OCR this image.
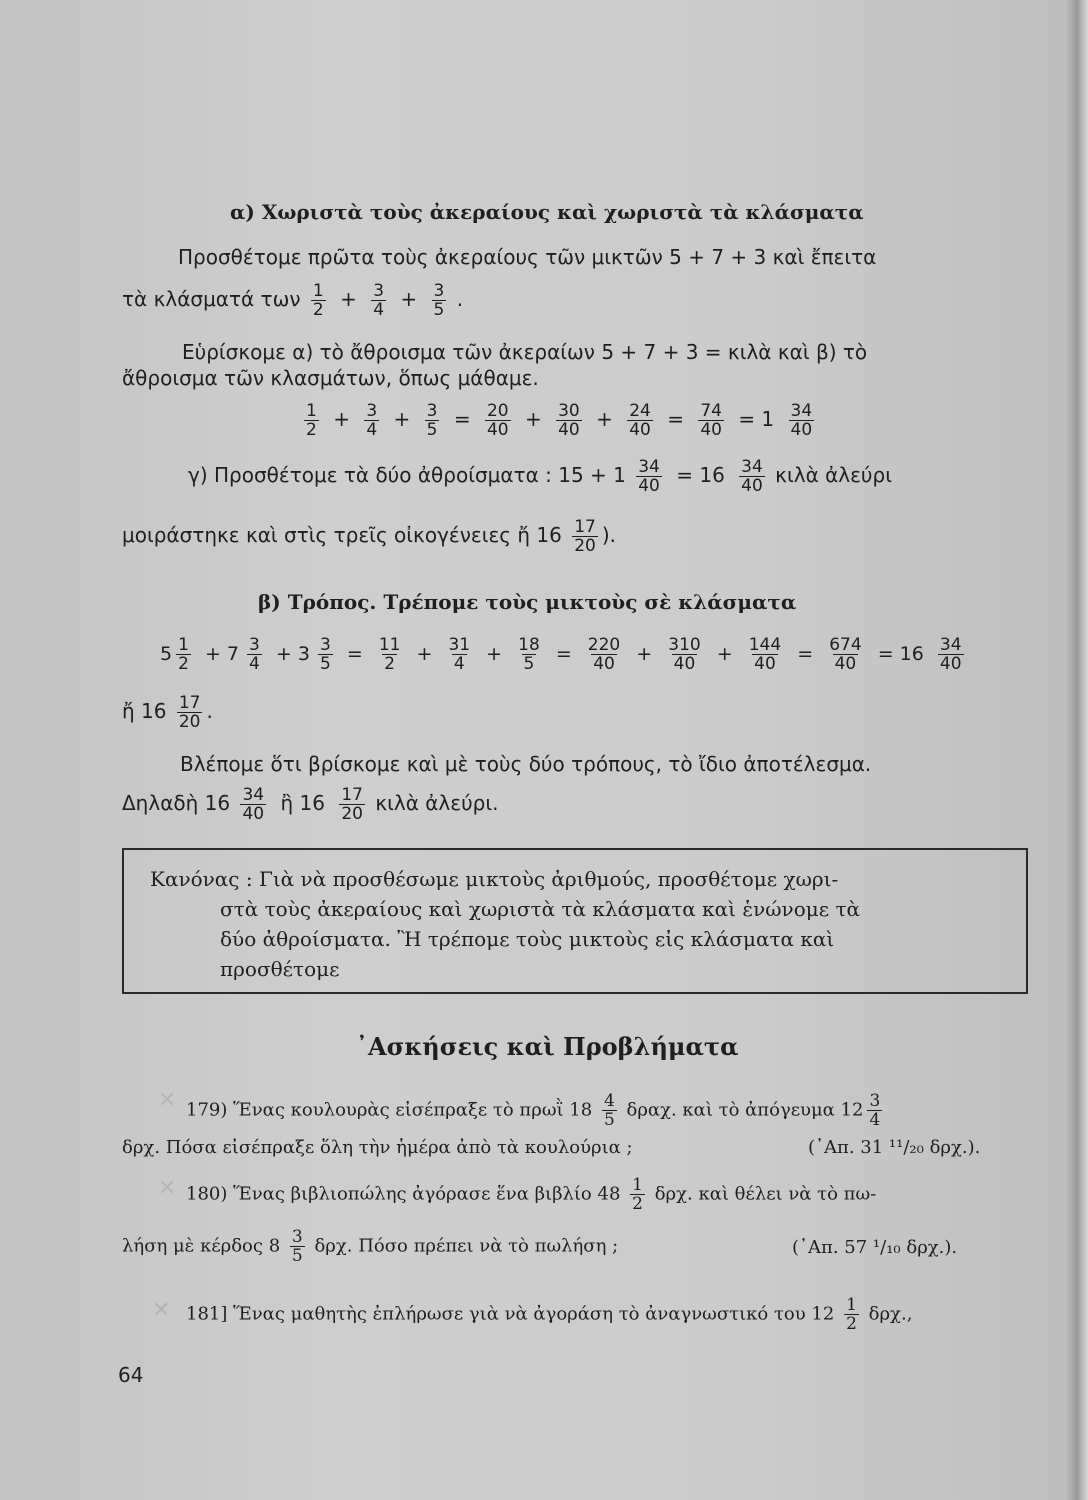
α) Χωριστὰ τοὺς ἀκεραίους καὶ χωριστὰ τὰ κλάσματα
Προσθέτομε πρῶτα τοὺς ἀκεραίους τῶν μικτῶν 5 + 7 + 3 καὶ ἔπειτα
τὰ κλάσματά των $\frac{1}{2} + \frac{3}{4} + \frac{3}{5}$ .
Εὑρίσκομε α) τὸ ἄθροισμα τῶν ἀκεραίων 5 + 7 + 3 = κιλὰ καὶ β) τὸ
ἄθροισμα τῶν κλασμάτων, ὅπως μάθαμε.
$\frac{1}{2} + \frac{3}{4} + \frac{3}{5} = \frac{20}{40} + \frac{30}{40} + \frac{24}{40} = \frac{74}{40} = 1 \frac{34}{40}$
γ) Προσθέτομε τὰ δύο ἀθροίσματα : $15 + 1 \frac{34}{40} = 16 \frac{34}{40}$ κιλὰ ἀλεύρι
μοιράστηκε καὶ στὶς τρεῖς οἰκογένειες ἤ $16 \frac{17}{20}$ ).
β) Τρόπος. Τρέπομε τοὺς μικτοὺς σὲ κλάσματα
$5 \frac{1}{2} + 7 \frac{3}{4} + 3 \frac{3}{5} = \frac{11}{2} + \frac{31}{4} + \frac{18}{5} = \frac{220}{40} + \frac{310}{40} + \frac{144}{40} = \frac{674}{40} = 16 \frac{34}{40}$
ἤ $16 \frac{17}{20}$ .
Βλέπομε ὅτι βρίσκομε καὶ μὲ τοὺς δύο τρόπους, τὸ ἴδιο ἀποτέλεσμα.
Δηλαδὴ $16 \frac{34}{40}$ ἢ $16 \frac{17}{20}$ κιλὰ ἀλεύρι.
Κανόνας : Γιὰ νὰ προσθέσωμε μικτοὺς ἀριθμούς, προσθέτομε χωρι-
στὰ τοὺς ἀκεραίους καὶ χωριστὰ τὰ κλάσματα καὶ ἑνώνομε τὰ
δύο ἀθροίσματα. Ἢ τρέπομε τοὺς μικτοὺς εἰς κλάσματα καὶ
προσθέτομε
᾿Ασκήσεις καὶ Προβλήματα
✕ 179) Ἕνας κουλουρὰς εἰσέπραξε τὸ πρωῒ $18 \frac{4}{5} \delta\rho\alpha\chi$. καὶ τὸ ἀπόγευμα $12 \frac{3}{4}$
δρχ. Πόσα εἰσέπραξε ὅλη τὴν ἡμέρα ἀπὸ τὰ κουλούρια ;	(᾿Απ. 31 ¹¹/₂₀ δρχ.).
✕ 180) Ἕνας βιβλιοπώλης ἀγόρασε ἕνα βιβλίο $48 \frac{1}{2} \delta\rho\chi$. καὶ θέλει νὰ τὸ πω-
λήση μὲ κέρδος $8 \frac{3}{5} \delta\rho\chi$. Πόσο πρέπει νὰ τὸ πωλήση ;	(᾿Απ. 57 ¹/₁₀ δρχ.).
✕ 181] Ἕνας μαθητὴς ἐπλήρωσε γιὰ νὰ ἀγοράση τὸ ἀναγνωστικό του $12 \frac{1}{2} \delta\rho\chi$.,
64
